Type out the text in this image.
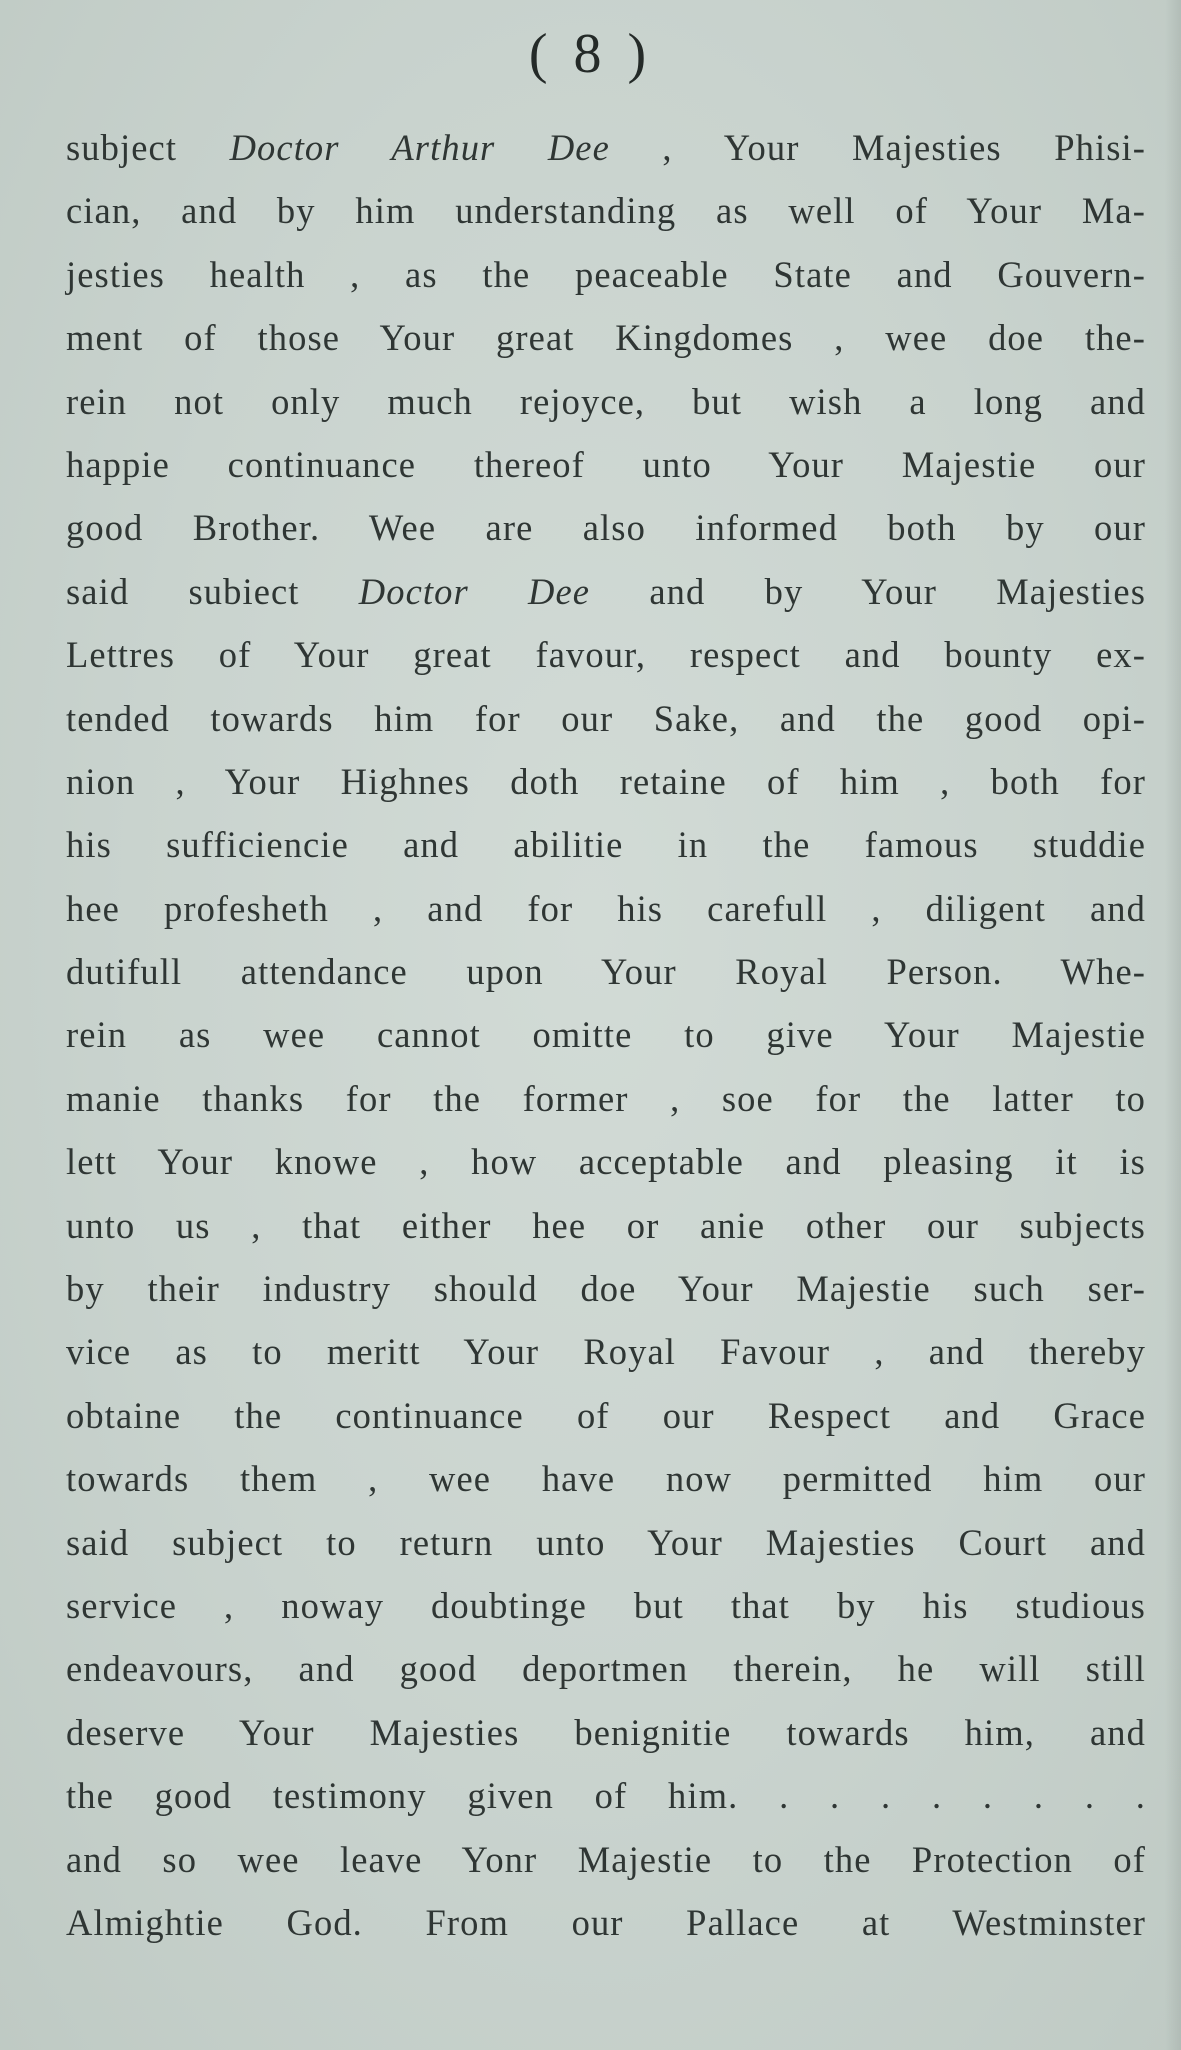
( 8 )
subject Doctor Arthur Dee , Your Majesties Phisi-
cian, and by him understanding as well of Your Ma-
jesties health , as the peaceable State and Gouvern-
ment of those Your great Kingdomes , wee doe the-
rein not only much rejoyce, but wish a long and
happie continuance thereof unto Your Majestie our
good Brother. Wee are also informed both by our
said subiect Doctor Dee and by Your Majesties
Lettres of Your great favour, respect and bounty ex-
tended towards him for our Sake, and the good opi-
nion , Your Highnes doth retaine of him , both for
his sufficiencie and abilitie in the famous studdie
hee profesheth , and for his carefull , diligent and
dutifull attendance upon Your Royal Person. Whe-
rein as wee cannot omitte to give Your Majestie
manie thanks for the former , soe for the latter to
lett Your knowe , how acceptable and pleasing it is
unto us , that either hee or anie other our subjects
by their industry should doe Your Majestie such ser-
vice as to meritt Your Royal Favour , and thereby
obtaine the continuance of our Respect and Grace
towards them , wee have now permitted him our
said subject to return unto Your Majesties Court and
service , noway doubtinge but that by his studious
endeavours, and good deportmen therein, he will still
deserve Your Majesties benignitie towards him, and
the good testimony given of him. . . . . . . . .
and so wee leave Yonr Majestie to the Protection of
Almightie God. From our Pallace at Westminster
